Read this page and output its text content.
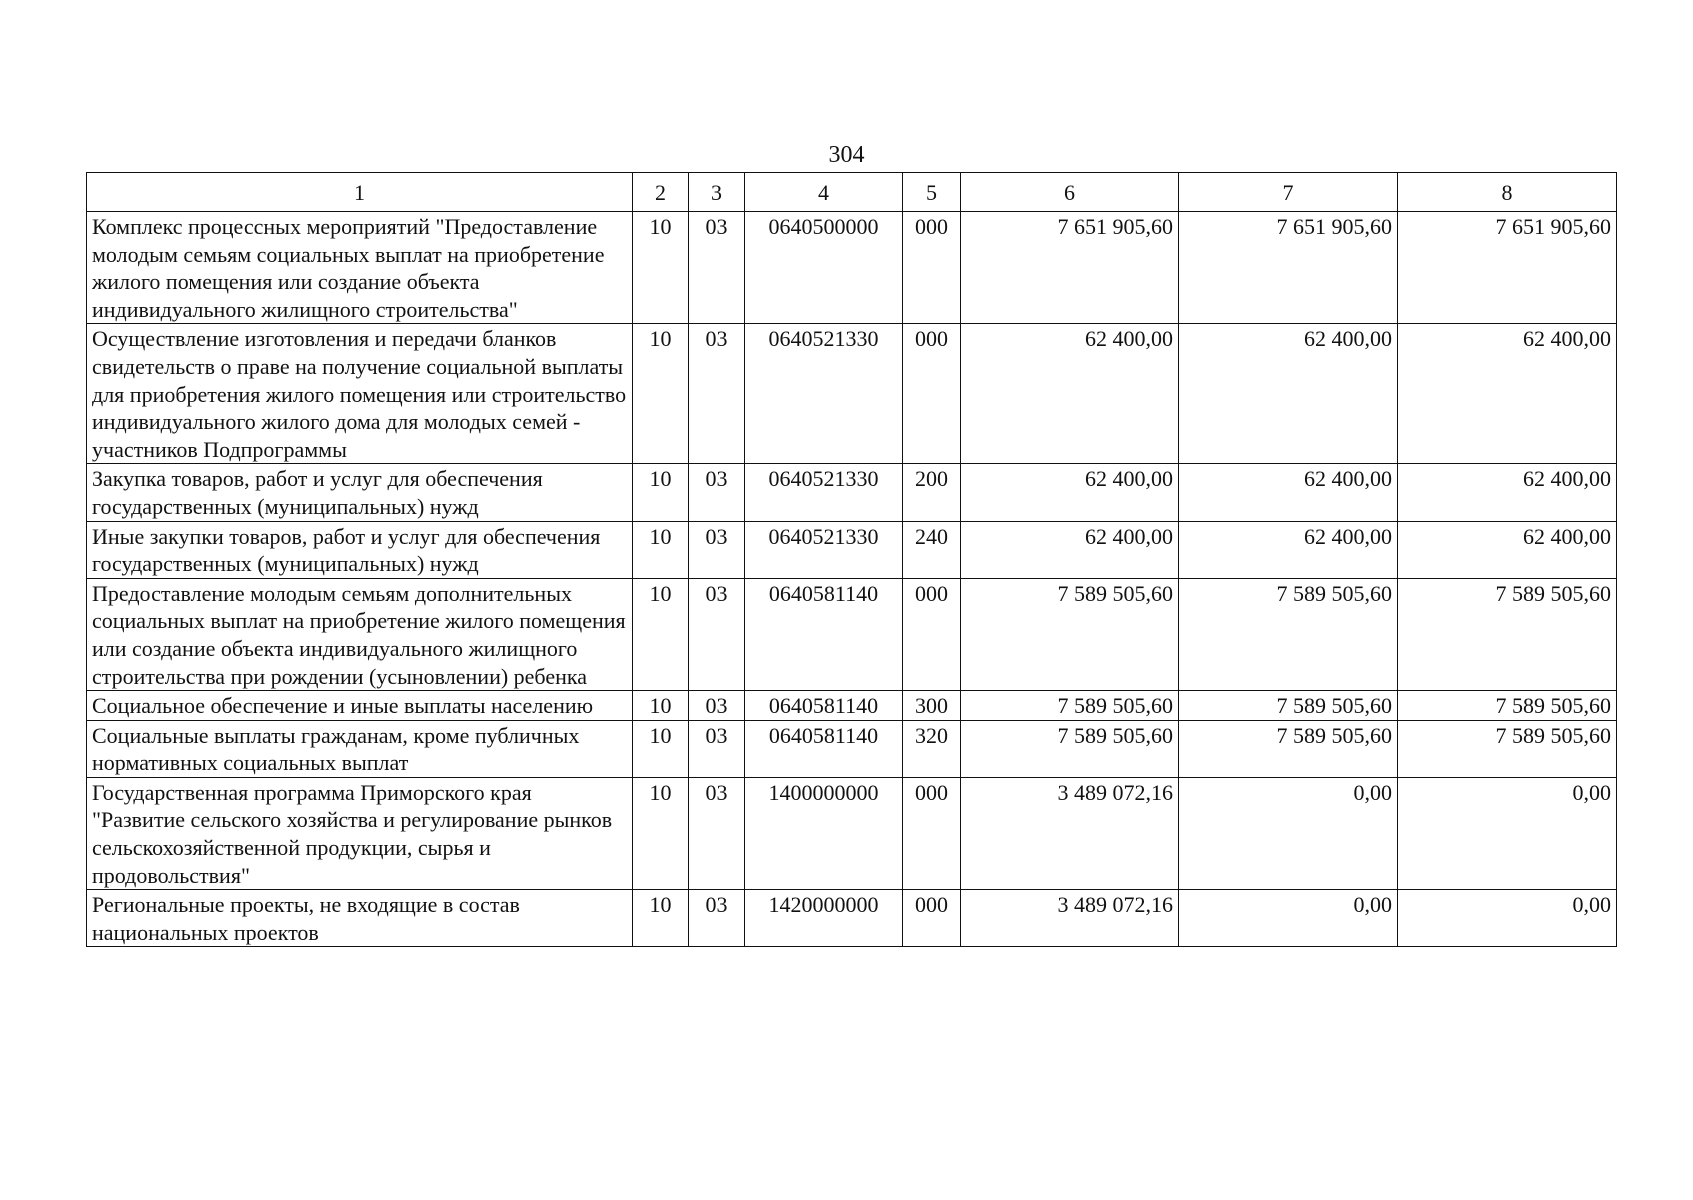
304
1	2	3	4	5	6	7	8
Комплекс процессных мероприятий "Предоставление молодым семьям социальных выплат на приобретение жилого помещения или создание объекта индивидуального жилищного строительства"	10	03	0640500000	000	7 651 905,60	7 651 905,60	7 651 905,60
Осуществление изготовления и передачи бланков свидетельств о праве на получение социальной выплаты для приобретения жилого помещения или строительство индивидуального жилого дома для молодых семей - участников Подпрограммы	10	03	0640521330	000	62 400,00	62 400,00	62 400,00
Закупка товаров, работ и услуг для обеспечения государственных (муниципальных) нужд	10	03	0640521330	200	62 400,00	62 400,00	62 400,00
Иные закупки товаров, работ и услуг для обеспечения государственных (муниципальных) нужд	10	03	0640521330	240	62 400,00	62 400,00	62 400,00
Предоставление молодым семьям дополнительных социальных выплат на приобретение жилого помещения или создание объекта индивидуального жилищного строительства при рождении (усыновлении) ребенка	10	03	0640581140	000	7 589 505,60	7 589 505,60	7 589 505,60
Социальное обеспечение и иные выплаты населению	10	03	0640581140	300	7 589 505,60	7 589 505,60	7 589 505,60
Социальные выплаты гражданам, кроме публичных нормативных социальных выплат	10	03	0640581140	320	7 589 505,60	7 589 505,60	7 589 505,60
Государственная программа Приморского края "Развитие сельского хозяйства и регулирование рынков сельскохозяйственной продукции, сырья и продовольствия"	10	03	1400000000	000	3 489 072,16	0,00	0,00
Региональные проекты, не входящие в состав национальных проектов	10	03	1420000000	000	3 489 072,16	0,00	0,00
